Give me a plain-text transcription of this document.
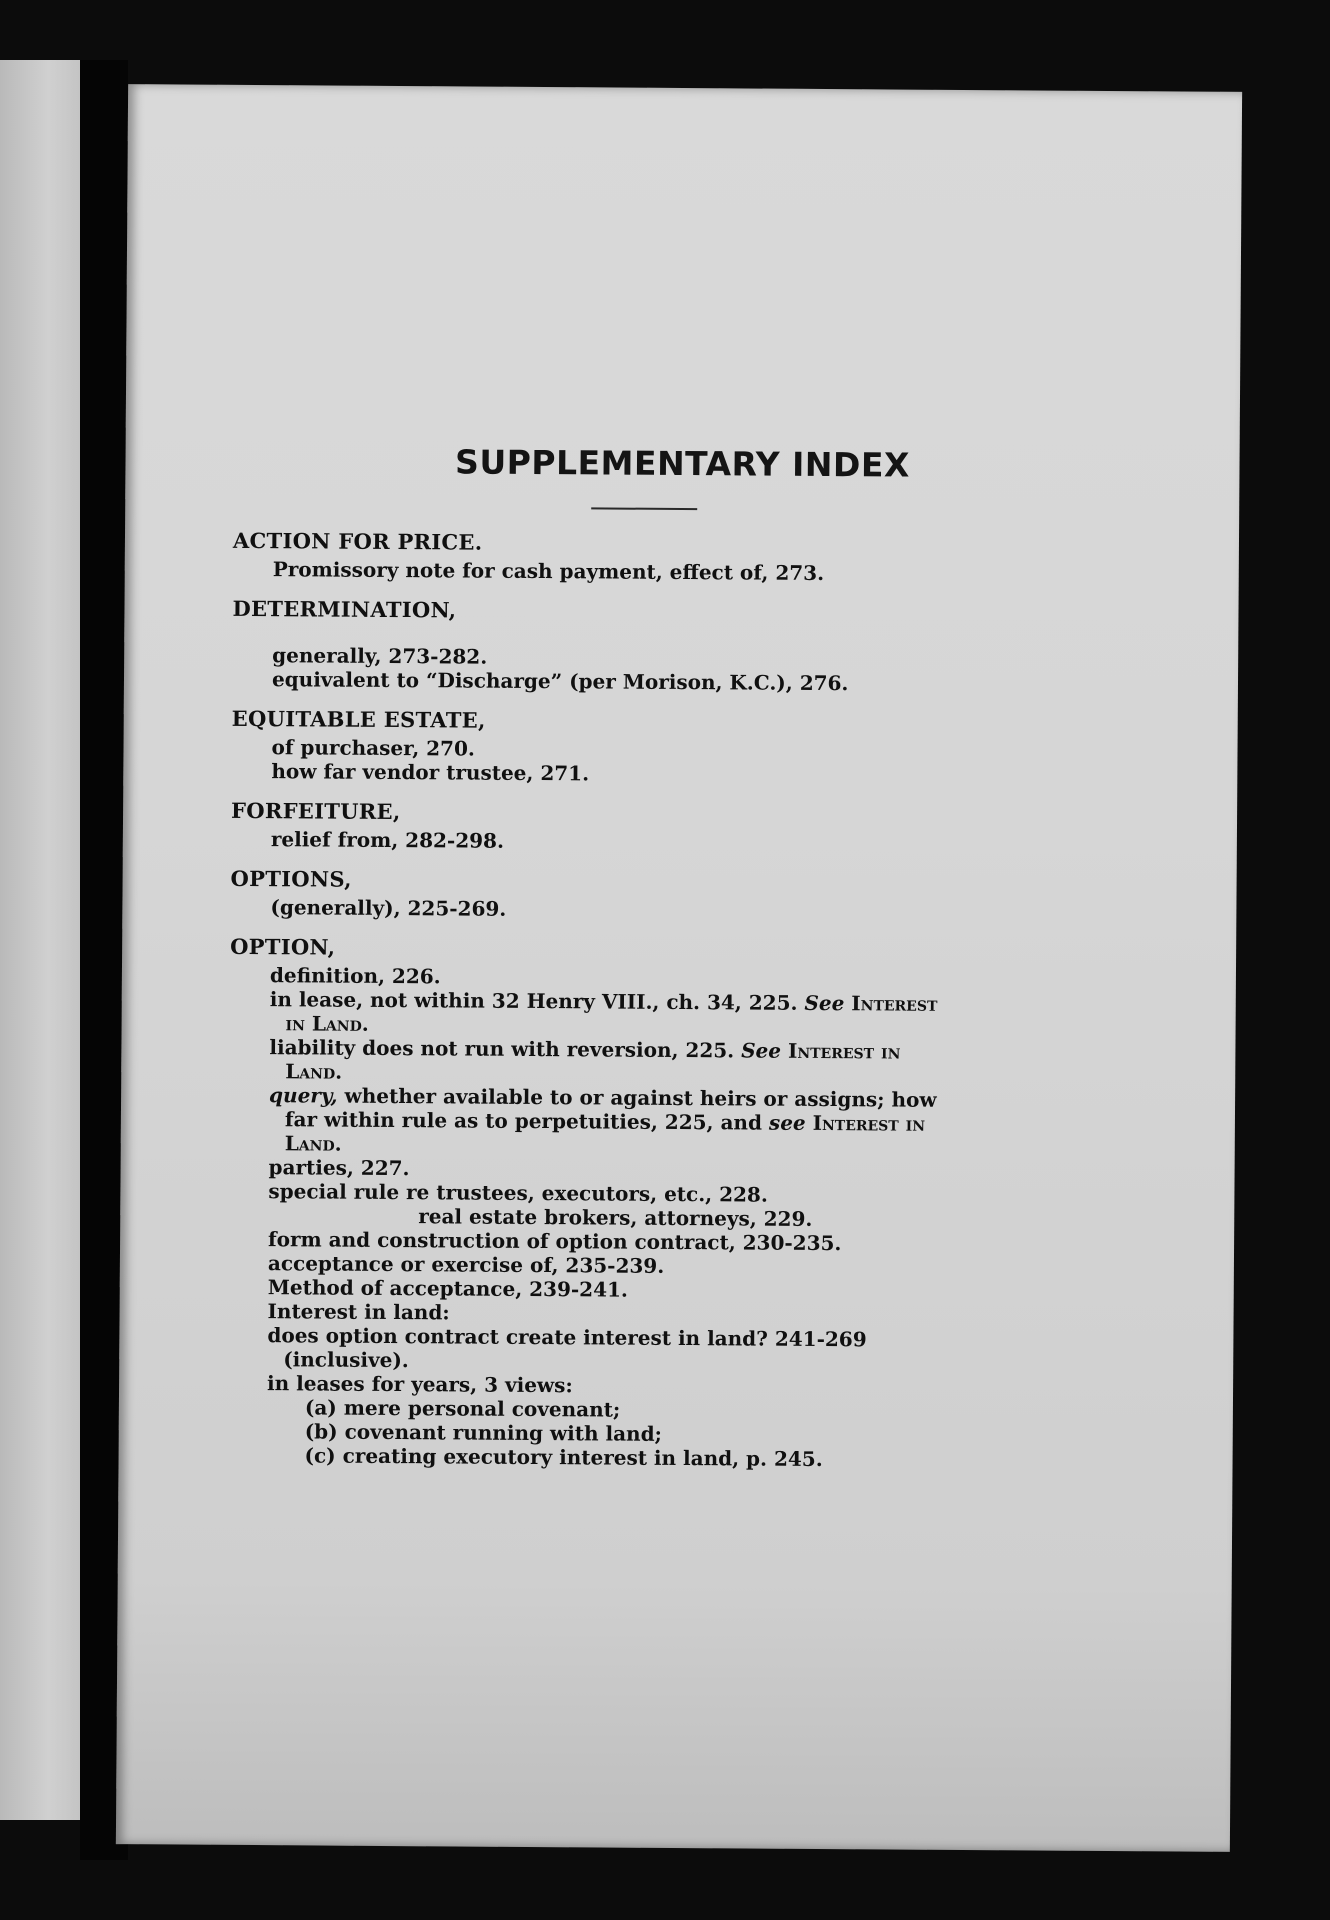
SUPPLEMENTARY INDEX
ACTION FOR PRICE.
Promissory note for cash payment, effect of, 273.
DETERMINATION,
generally, 273-282.
equivalent to “Discharge” (per Morison, K.C.), 276.
EQUITABLE ESTATE,
of purchaser, 270.
how far vendor trustee, 271.
FORFEITURE,
relief from, 282-298.
OPTIONS,
(generally), 225-269.
OPTION,
definition, 226.
in lease, not within 32 Henry VIII., ch. 34, 225. See Interest in Land.
liability does not run with reversion, 225. See Interest in Land.
query, whether available to or against heirs or assigns; how far within rule as to perpetuities, 225, and see Interest in Land.
parties, 227.
special rule re trustees, executors, etc., 228.
real estate brokers, attorneys, 229.
form and construction of option contract, 230-235.
acceptance or exercise of, 235-239.
Method of acceptance, 239-241.
Interest in land:
does option contract create interest in land? 241-269 (inclusive).
in leases for years, 3 views:
(a) mere personal covenant;
(b) covenant running with land;
(c) creating executory interest in land, p. 245.
